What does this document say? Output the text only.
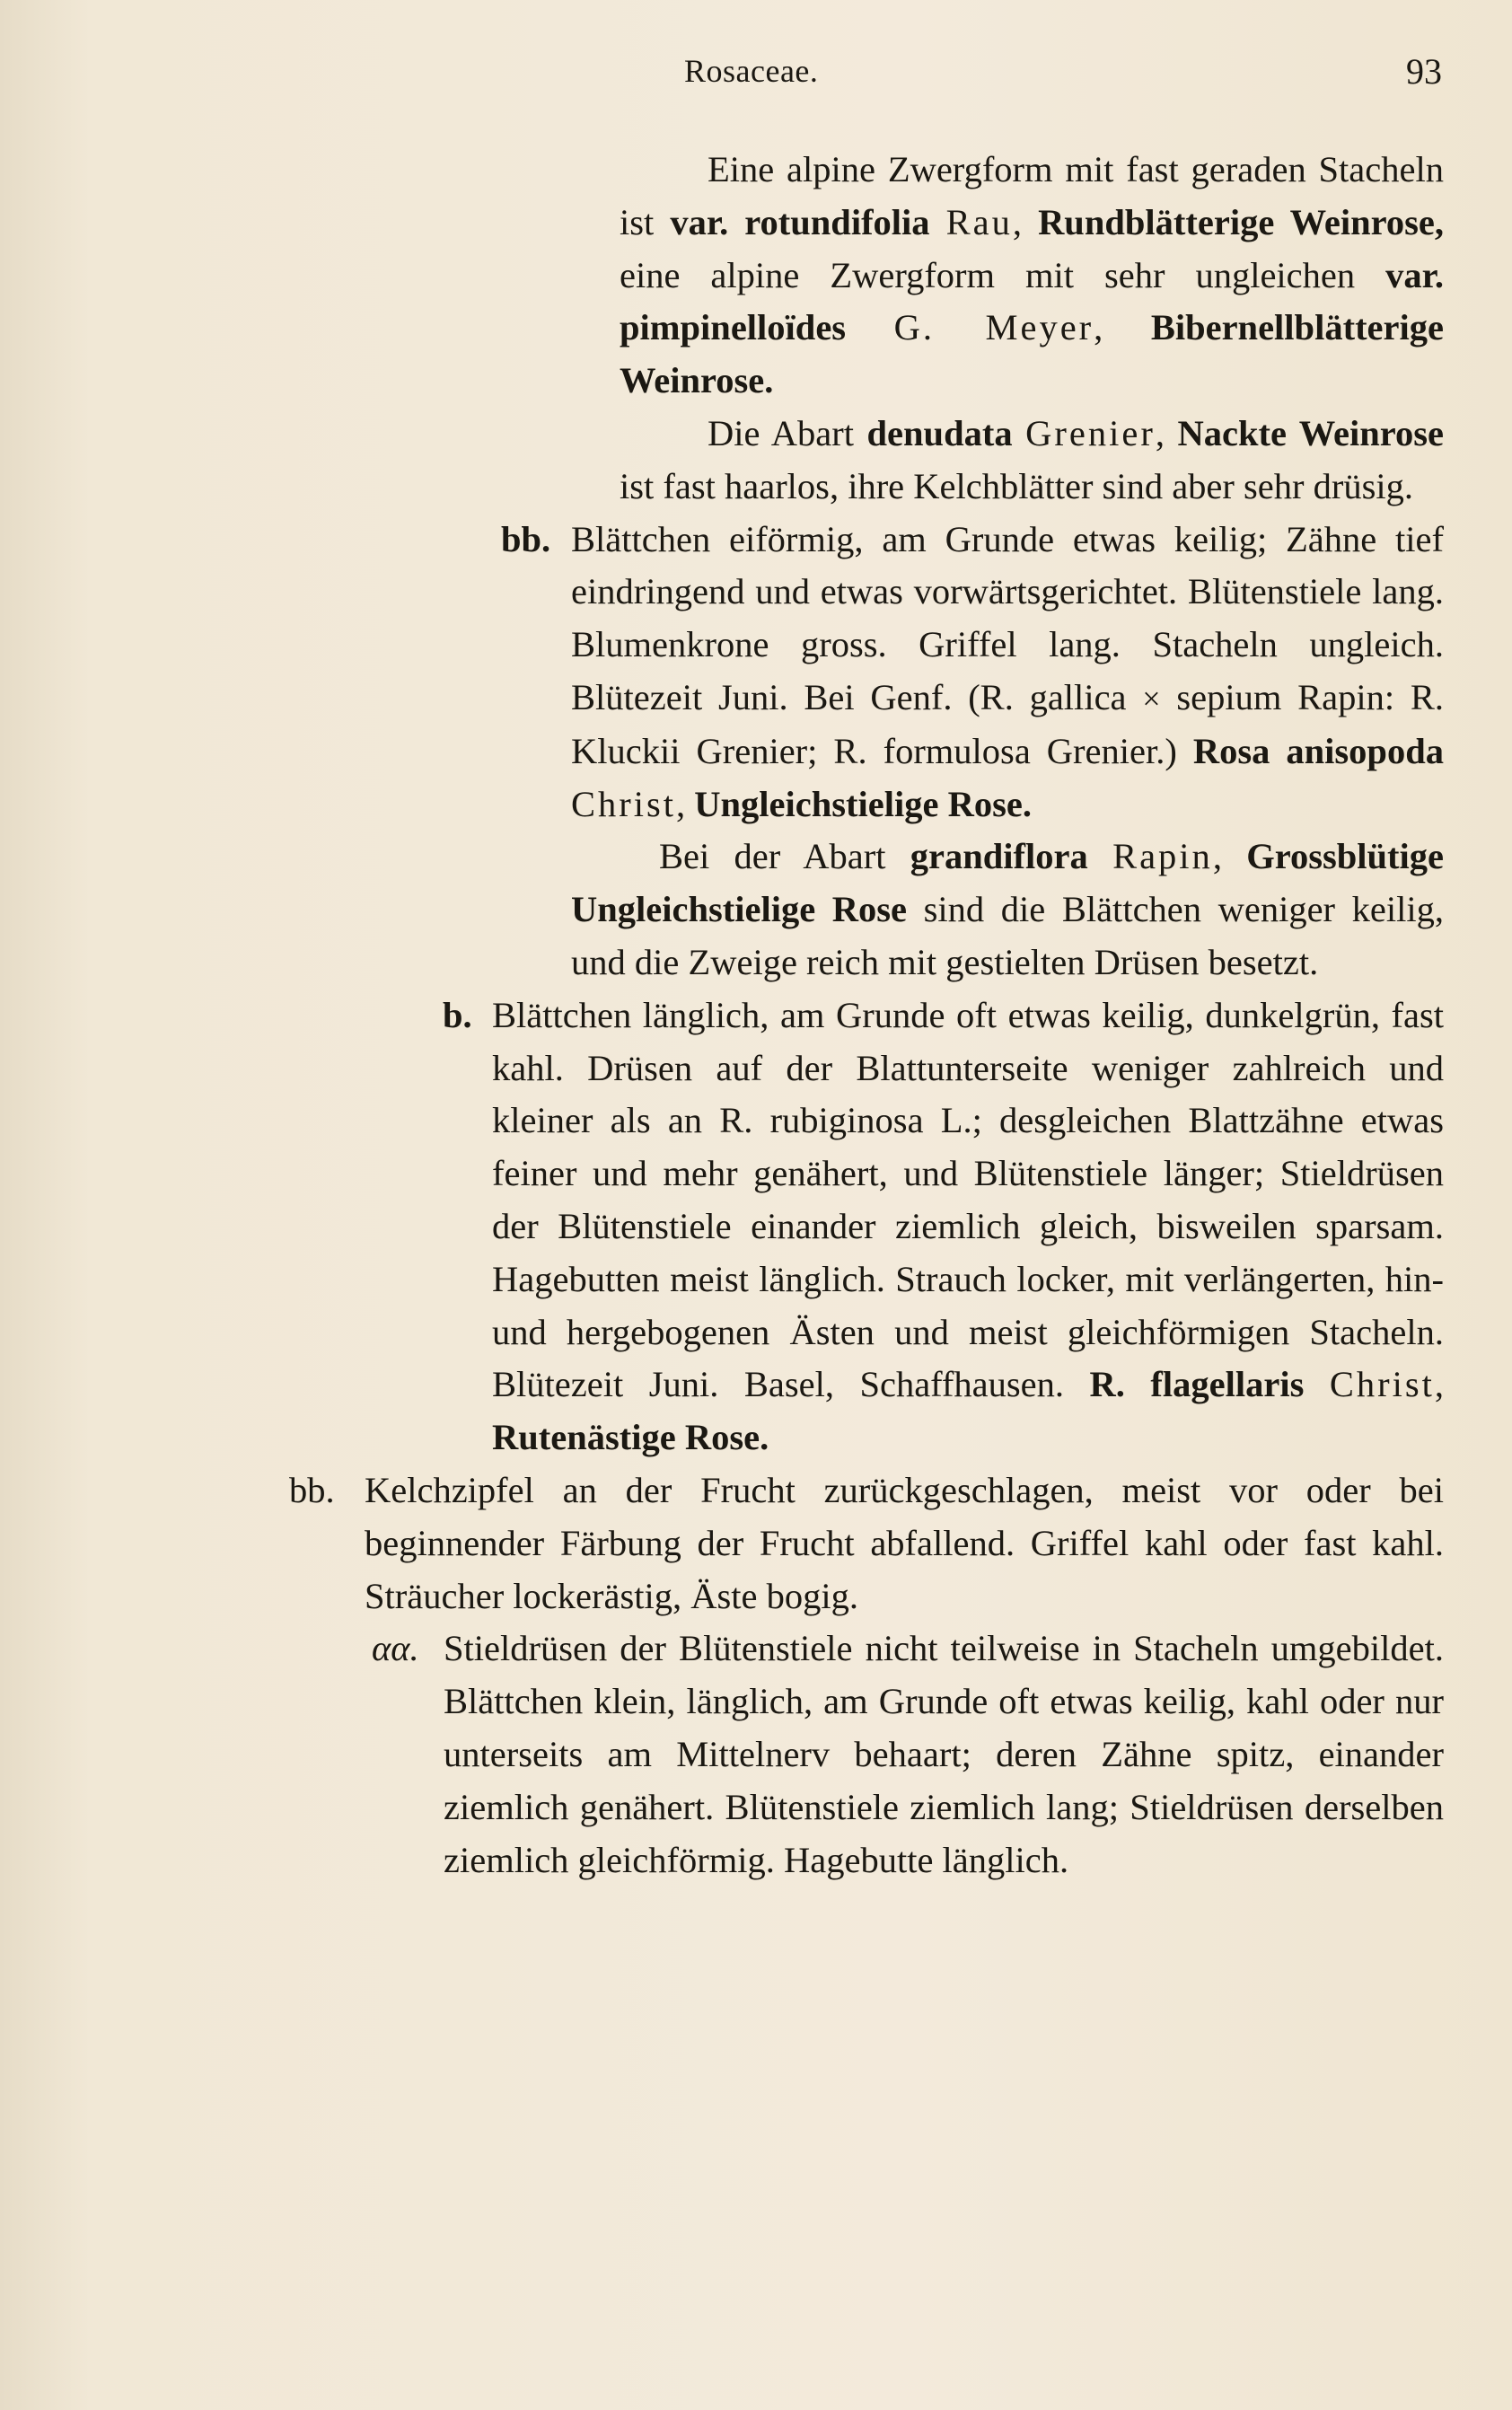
Rosaceae.	93

Eine alpine Zwergform mit fast geraden Stacheln ist var. rotundifolia Rau, Rundblätterige Weinrose, eine alpine Zwergform mit sehr ungleichen var. pimpinelloïdes G. Meyer, Bibernellblätterige Weinrose.

Die Abart denudata Grenier, Nackte Weinrose ist fast haarlos, ihre Kelchblätter sind aber sehr drüsig.

bb. Blättchen eiförmig, am Grunde etwas keilig; Zähne tief eindringend und etwas vorwärtsgerichtet. Blütenstiele lang. Blumenkrone gross. Griffel lang. Stacheln ungleich. Blütezeit Juni. Bei Genf. (R. gallica × sepium Rapin: R. Kluckii Grenier; R. formulosa Grenier.) Rosa anisopoda Christ, Ungleichstielige Rose.

Bei der Abart grandiflora Rapin, Grossblütige Ungleichstielige Rose sind die Blättchen weniger keilig, und die Zweige reich mit gestielten Drüsen besetzt.

b. Blättchen länglich, am Grunde oft etwas keilig, dunkelgrün, fast kahl. Drüsen auf der Blattunterseite weniger zahlreich und kleiner als an R. rubiginosa L.; desgleichen Blattzähne etwas feiner und mehr genähert, und Blütenstiele länger; Stieldrüsen der Blütenstiele einander ziemlich gleich, bisweilen sparsam. Hagebutten meist länglich. Strauch locker, mit verlängerten, hin- und hergebogenen Ästen und meist gleichförmigen Stacheln. Blütezeit Juni. Basel, Schaffhausen. R. flagellaris Christ, Rutenästige Rose.

bb. Kelchzipfel an der Frucht zurückgeschlagen, meist vor oder bei beginnender Färbung der Frucht abfallend. Griffel kahl oder fast kahl. Sträucher lockerästig, Äste bogig.

αα. Stieldrüsen der Blütenstiele nicht teilweise in Stacheln umgebildet. Blättchen klein, länglich, am Grunde oft etwas keilig, kahl oder nur unterseits am Mittelnerv behaart; deren Zähne spitz, einander ziemlich genähert. Blütenstiele ziemlich lang; Stieldrüsen derselben ziemlich gleichförmig. Hagebutte länglich.
